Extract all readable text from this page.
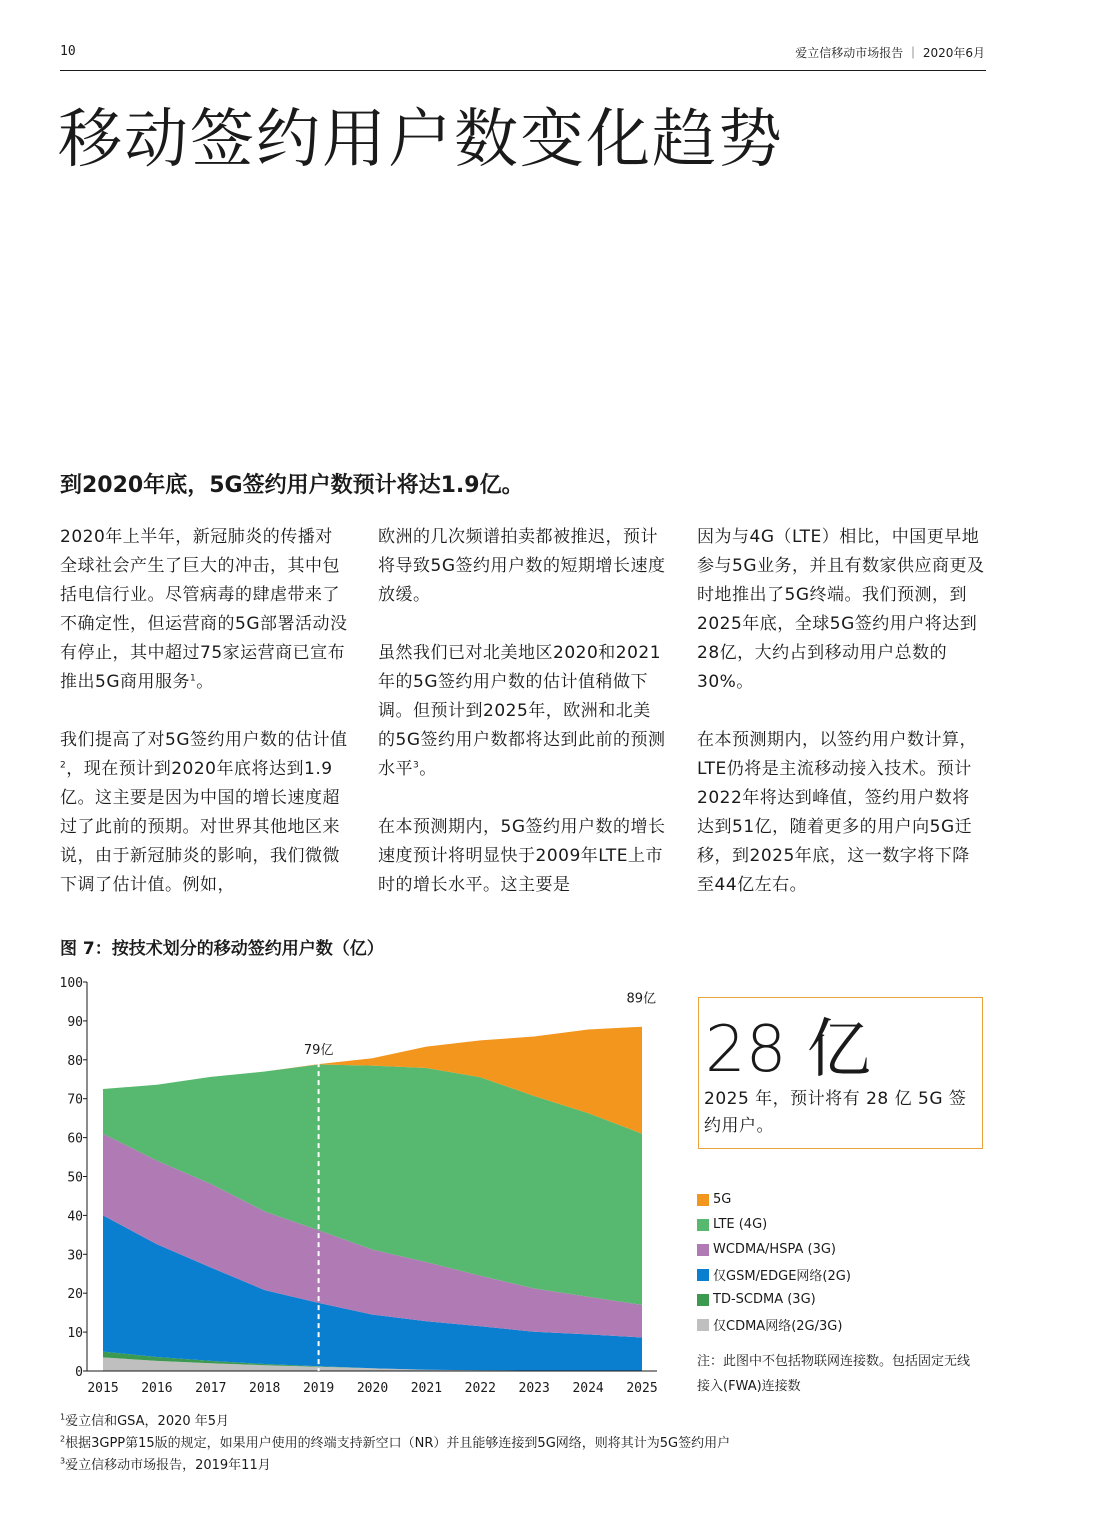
10	爱立信移动市场报告 ｜ 2020年6月
移动签约用户数变化趋势
到2020年底，5G签约用户数预计将达1.9亿。

2020年上半年，新冠肺炎的传播对全球社会产生了巨大的冲击，其中包括电信行业。尽管病毒的肆虐带来了不确定性，但运营商的5G部署活动没有停止，其中超过75家运营商已宣布推出5G商用服务$^1$。

我们提高了对5G签约用户数的估计值$^2$，现在预计到2020年底将达到1.9亿。这主要是因为中国的增长速度超过了此前的预期。对世界其他地区来说，由于新冠肺炎的影响，我们微微下调了估计值。例如，

欧洲的几次频谱拍卖都被推迟，预计将导致5G签约用户数的短期增长速度放缓。

虽然我们已对北美地区2020和2021年的5G签约用户数的估计值稍做下调。但预计到2025年，欧洲和北美的5G签约用户数都将达到此前的预测水平$^3$。

在本预测期内，5G签约用户数的增长速度预计将明显快于2009年LTE上市时的增长水平。这主要是

因为与4G（LTE）相比，中国更早地参与5G业务，并且有数家供应商更及时地推出了5G终端。我们预测，到2025年底，全球5G签约用户将达到28亿，大约占到移动用户总数的30%。

在本预测期内，以签约用户数计算，LTE仍将是主流移动接入技术。预计2022年将达到峰值，签约用户数将达到51亿，随着更多的用户向5G迁移，到2025年底，这一数字将下降至44亿左右。

图 7：按技术划分的移动签约用户数（亿）
0
10
20
30
40
50
60
70
80
90
100
2015 2016 2017 2018 2019 2020 2021 2022 2023 2024 2025
79亿
89亿
28 亿
2025 年，预计将有 28 亿 5G 签约用户。
5G
LTE (4G)
WCDMA/HSPA (3G)
仅GSM/EDGE网络(2G)
TD-SCDMA (3G)
仅CDMA网络(2G/3G)
注：此图中不包括物联网连接数。包括固定无线接入(FWA)连接数
$^1$爱立信和GSA，2020 年5月
$^2$根据3GPP第15版的规定，如果用户使用的终端支持新空口（NR）并且能够连接到5G网络，则将其计为5G签约用户
$^3$爱立信移动市场报告，2019年11月
